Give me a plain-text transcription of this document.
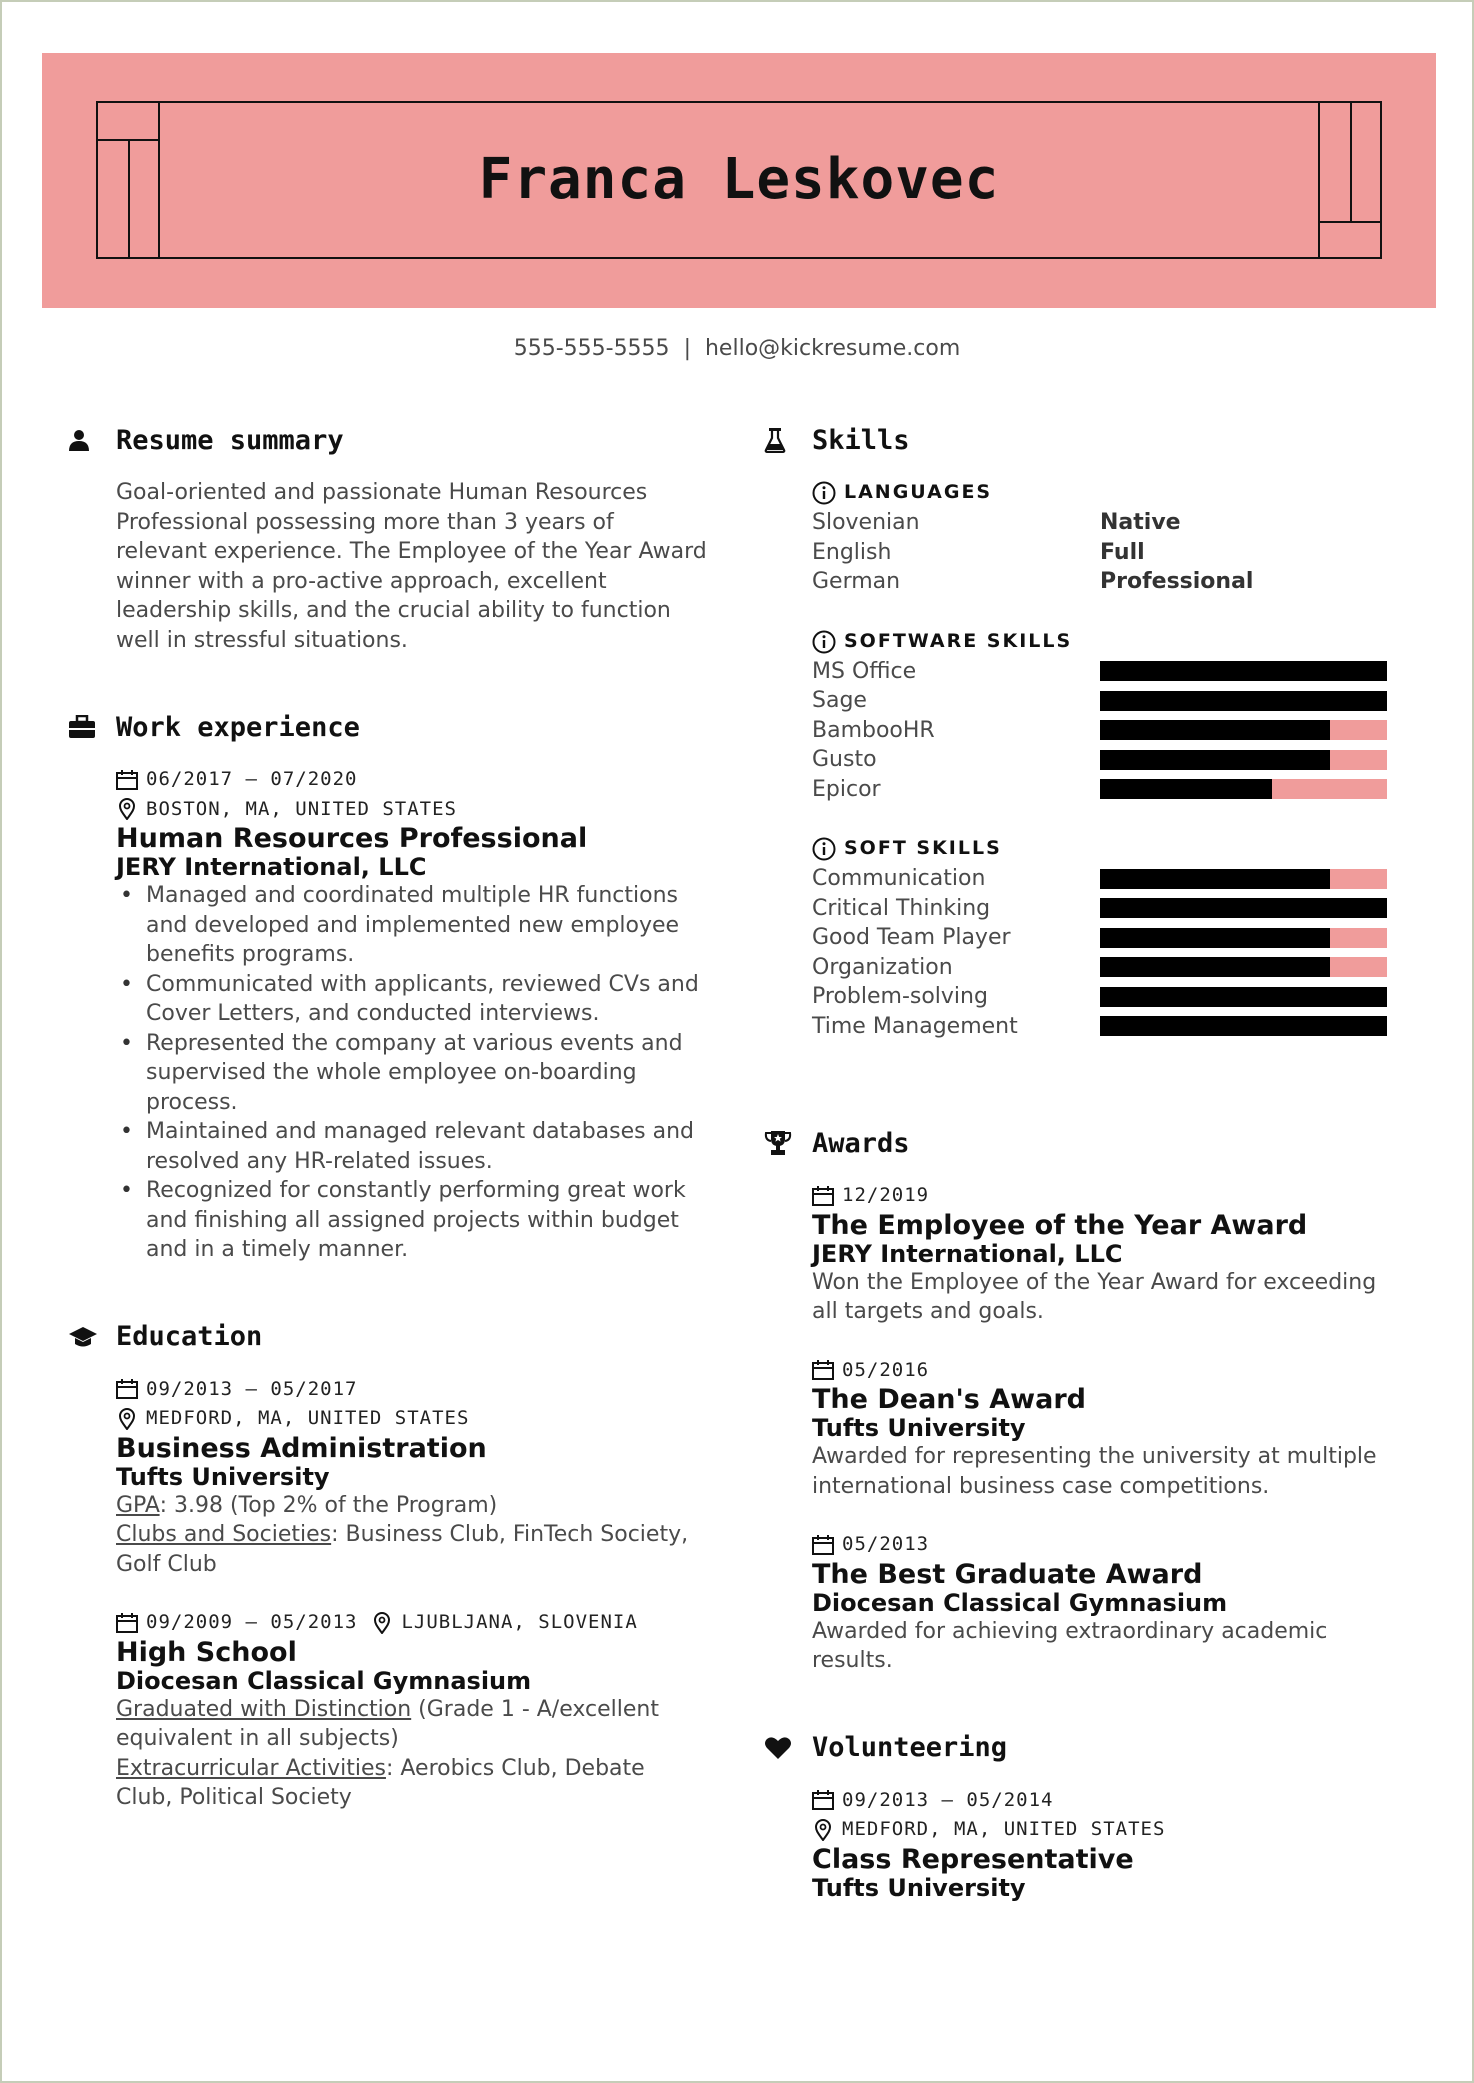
Franca Leskovec
555-555-5555 | hello@kickresume.com
Resume summary
Goal-oriented and passionate Human Resources Professional possessing more than 3 years of relevant experience. The Employee of the Year Award winner with a pro-active approach, excellent leadership skills, and the crucial ability to function well in stressful situations.
Work experience
06/2017 – 07/2020
BOSTON, MA, UNITED STATES
Human Resources Professional
JERY International, LLC
• Managed and coordinated multiple HR functions and developed and implemented new employee benefits programs.
• Communicated with applicants, reviewed CVs and Cover Letters, and conducted interviews.
• Represented the company at various events and supervised the whole employee on-boarding process.
• Maintained and managed relevant databases and resolved any HR-related issues.
• Recognized for constantly performing great work and finishing all assigned projects within budget and in a timely manner.
Education
09/2013 – 05/2017
MEDFORD, MA, UNITED STATES
Business Administration
Tufts University
GPA: 3.98 (Top 2% of the Program)
Clubs and Societies: Business Club, FinTech Society, Golf Club
09/2009 – 05/2013 LJUBLJANA, SLOVENIA
High School
Diocesan Classical Gymnasium
Graduated with Distinction (Grade 1 - A/excellent equivalent in all subjects)
Extracurricular Activities: Aerobics Club, Debate Club, Political Society
Skills
LANGUAGES
Slovenian	Native
English	Full
German	Professional
SOFTWARE SKILLS
MS Office
Sage
BambooHR
Gusto
Epicor
SOFT SKILLS
Communication
Critical Thinking
Good Team Player
Organization
Problem-solving
Time Management
Awards
12/2019
The Employee of the Year Award
JERY International, LLC
Won the Employee of the Year Award for exceeding all targets and goals.
05/2016
The Dean's Award
Tufts University
Awarded for representing the university at multiple international business case competitions.
05/2013
The Best Graduate Award
Diocesan Classical Gymnasium
Awarded for achieving extraordinary academic results.
Volunteering
09/2013 – 05/2014
MEDFORD, MA, UNITED STATES
Class Representative
Tufts University
